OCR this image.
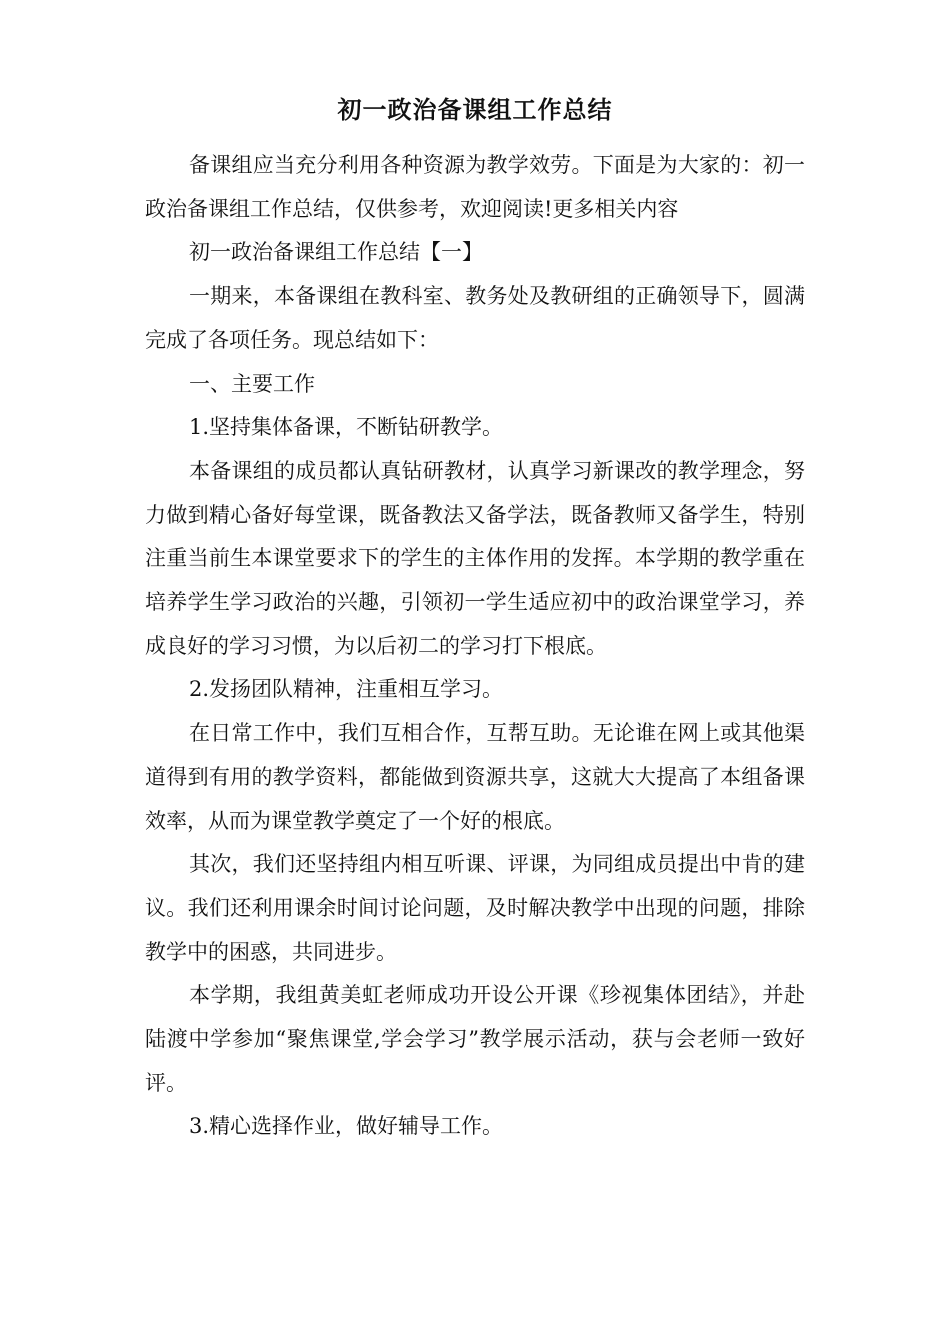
初一政治备课组工作总结

备课组应当充分利用各种资源为教学效劳。下面是为大家的：初一政治备课组工作总结，仅供参考，欢迎阅读!更多相关内容

初一政治备课组工作总结【一】

一期来，本备课组在教科室、教务处及教研组的正确领导下，圆满完成了各项任务。现总结如下：

一、主要工作

1.坚持集体备课，不断钻研教学。

本备课组的成员都认真钻研教材，认真学习新课改的教学理念，努力做到精心备好每堂课，既备教法又备学法，既备教师又备学生，特别注重当前生本课堂要求下的学生的主体作用的发挥。本学期的教学重在培养学生学习政治的兴趣，引领初一学生适应初中的政治课堂学习，养成良好的学习习惯，为以后初二的学习打下根底。

2.发扬团队精神，注重相互学习。

在日常工作中，我们互相合作，互帮互助。无论谁在网上或其他渠道得到有用的教学资料，都能做到资源共享，这就大大提高了本组备课效率，从而为课堂教学奠定了一个好的根底。

其次，我们还坚持组内相互听课、评课，为同组成员提出中肯的建议。我们还利用课余时间讨论问题，及时解决教学中出现的问题，排除教学中的困惑，共同进步。

本学期，我组黄美虹老师成功开设公开课《珍视集体团结》，并赴陆渡中学参加“聚焦课堂,学会学习”教学展示活动，获与会老师一致好评。

3.精心选择作业，做好辅导工作。
